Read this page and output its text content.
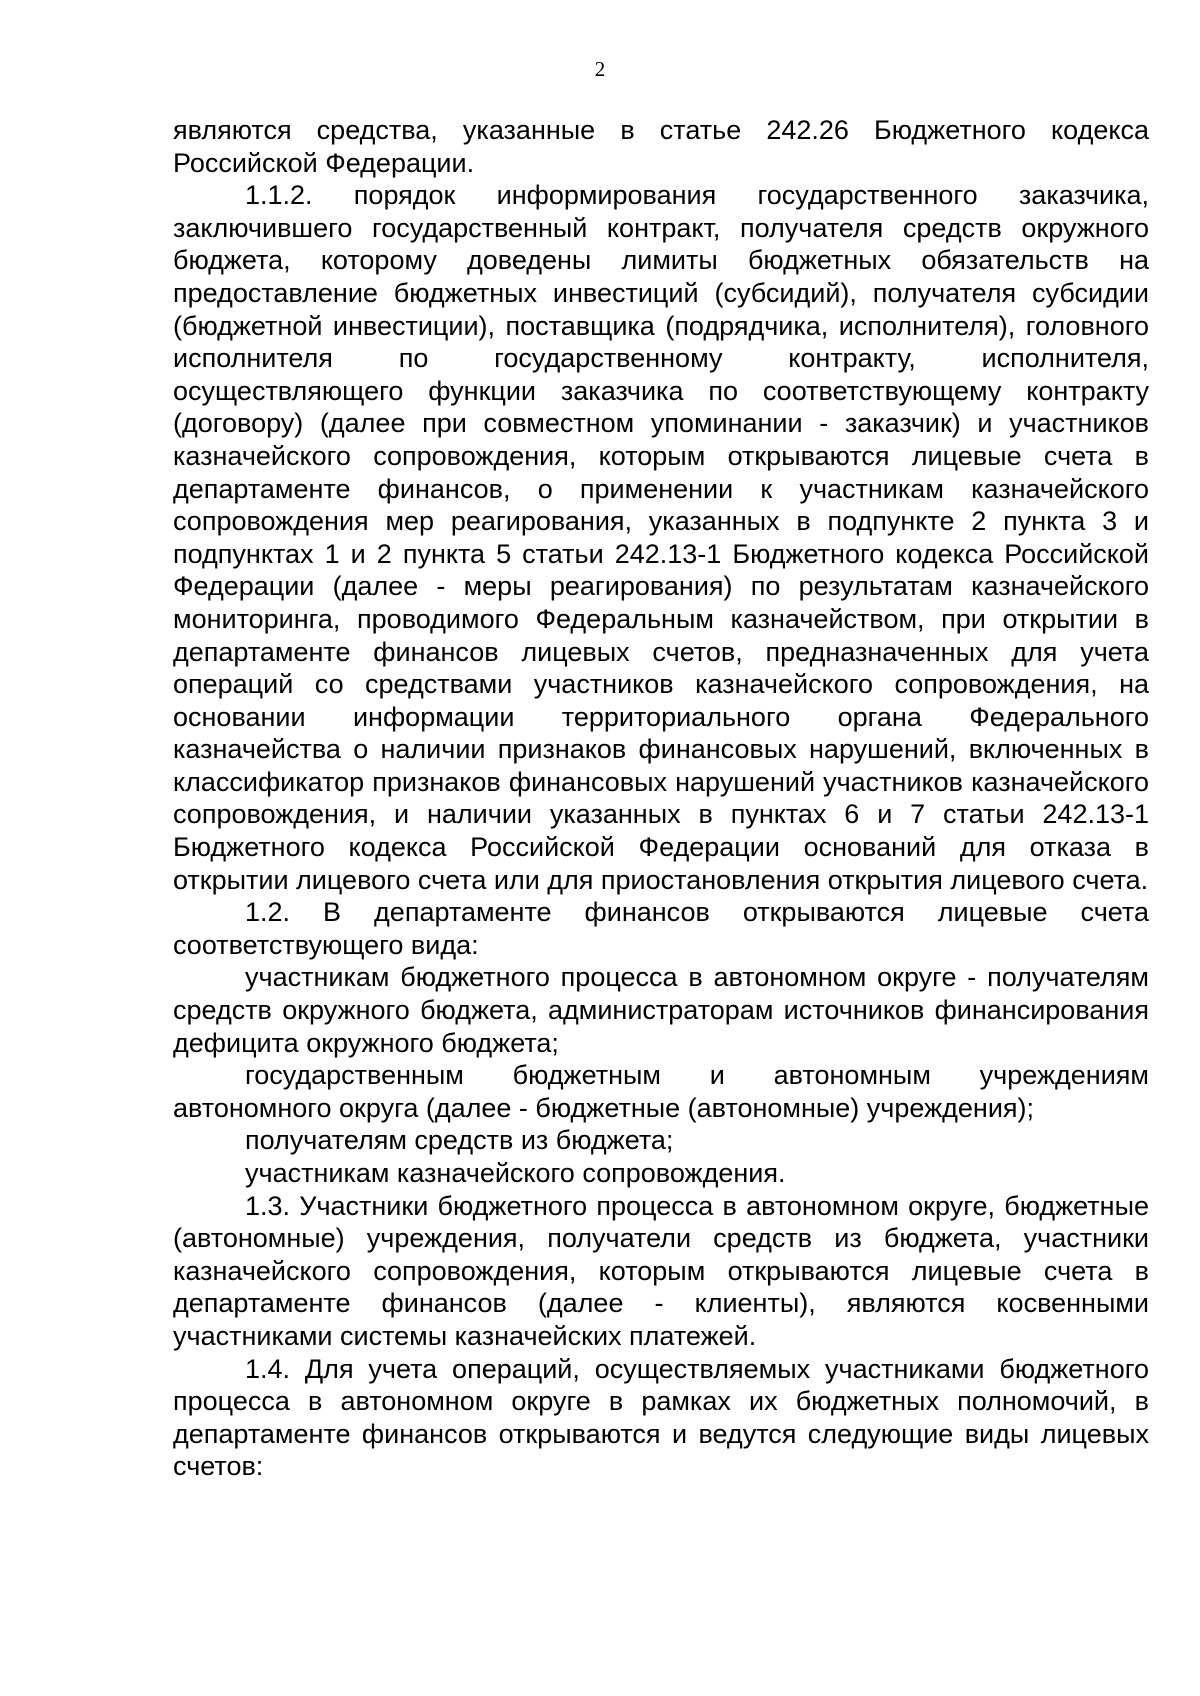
2

являются средства, указанные в статье 242.26 Бюджетного кодекса Российской Федерации.

1.1.2. порядок информирования государственного заказчика, заключившего государственный контракт, получателя средств окружного бюджета, которому доведены лимиты бюджетных обязательств на предоставление бюджетных инвестиций (субсидий), получателя субсидии (бюджетной инвестиции), поставщика (подрядчика, исполнителя), головного исполнителя по государственному контракту, исполнителя, осуществляющего функции заказчика по соответствующему контракту (договору) (далее при совместном упоминании - заказчик) и участников казначейского сопровождения, которым открываются лицевые счета в департаменте финансов, о применении к участникам казначейского сопровождения мер реагирования, указанных в подпункте 2 пункта 3 и подпунктах 1 и 2 пункта 5 статьи 242.13-1 Бюджетного кодекса Российской Федерации (далее - меры реагирования) по результатам казначейского мониторинга, проводимого Федеральным казначейством, при открытии в департаменте финансов лицевых счетов, предназначенных для учета операций со средствами участников казначейского сопровождения, на основании информации территориального органа Федерального казначейства о наличии признаков финансовых нарушений, включенных в классификатор признаков финансовых нарушений участников казначейского сопровождения, и наличии указанных в пунктах 6 и 7 статьи 242.13-1 Бюджетного кодекса Российской Федерации оснований для отказа в открытии лицевого счета или для приостановления открытия лицевого счета.

1.2. В департаменте финансов открываются лицевые счета соответствующего вида:

участникам бюджетного процесса в автономном округе - получателям средств окружного бюджета, администраторам источников финансирования дефицита окружного бюджета;

государственным бюджетным и автономным учреждениям автономного округа (далее - бюджетные (автономные) учреждения);

получателям средств из бюджета;

участникам казначейского сопровождения.

1.3. Участники бюджетного процесса в автономном округе, бюджетные (автономные) учреждения, получатели средств из бюджета, участники казначейского сопровождения, которым открываются лицевые счета в департаменте финансов (далее - клиенты), являются косвенными участниками системы казначейских платежей.

1.4. Для учета операций, осуществляемых участниками бюджетного процесса в автономном округе в рамках их бюджетных полномочий, в департаменте финансов открываются и ведутся следующие виды лицевых счетов:
